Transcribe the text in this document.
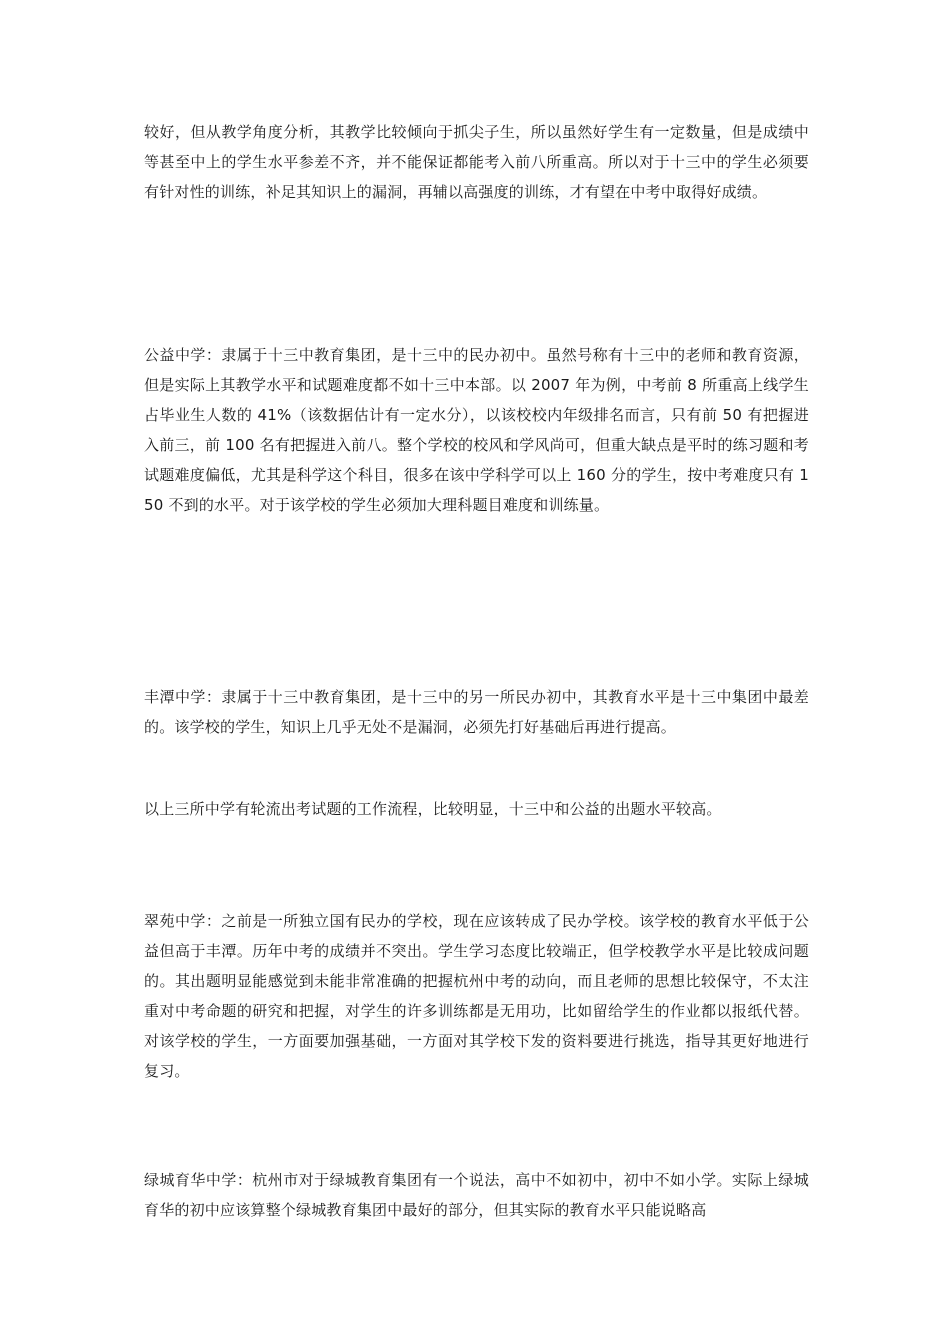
较好，但从教学角度分析，其教学比较倾向于抓尖子生，所以虽然好学生有一定数量，但是成绩中等甚至中上的学生水平参差不齐，并不能保证都能考入前八所重高。所以对于十三中的学生必须要有针对性的训练，补足其知识上的漏洞，再辅以高强度的训练，才有望在中考中取得好成绩。

公益中学：隶属于十三中教育集团，是十三中的民办初中。虽然号称有十三中的老师和教育资源，但是实际上其教学水平和试题难度都不如十三中本部。以 2007 年为例，中考前 8 所重高上线学生占毕业生人数的 41%（该数据估计有一定水分），以该校校内年级排名而言，只有前 50 有把握进入前三，前 100 名有把握进入前八。整个学校的校风和学风尚可，但重大缺点是平时的练习题和考试题难度偏低，尤其是科学这个科目，很多在该中学科学可以上 160 分的学生，按中考难度只有 150 不到的水平。对于该学校的学生必须加大理科题目难度和训练量。

丰潭中学：隶属于十三中教育集团，是十三中的另一所民办初中，其教育水平是十三中集团中最差的。该学校的学生，知识上几乎无处不是漏洞，必须先打好基础后再进行提高。

以上三所中学有轮流出考试题的工作流程，比较明显，十三中和公益的出题水平较高。

翠苑中学：之前是一所独立国有民办的学校，现在应该转成了民办学校。该学校的教育水平低于公益但高于丰潭。历年中考的成绩并不突出。学生学习态度比较端正，但学校教学水平是比较成问题的。其出题明显能感觉到未能非常准确的把握杭州中考的动向，而且老师的思想比较保守，不太注重对中考命题的研究和把握，对学生的许多训练都是无用功，比如留给学生的作业都以报纸代替。对该学校的学生，一方面要加强基础，一方面对其学校下发的资料要进行挑选，指导其更好地进行复习。

绿城育华中学：杭州市对于绿城教育集团有一个说法，高中不如初中，初中不如小学。实际上绿城育华的初中应该算整个绿城教育集团中最好的部分，但其实际的教育水平只能说略高
